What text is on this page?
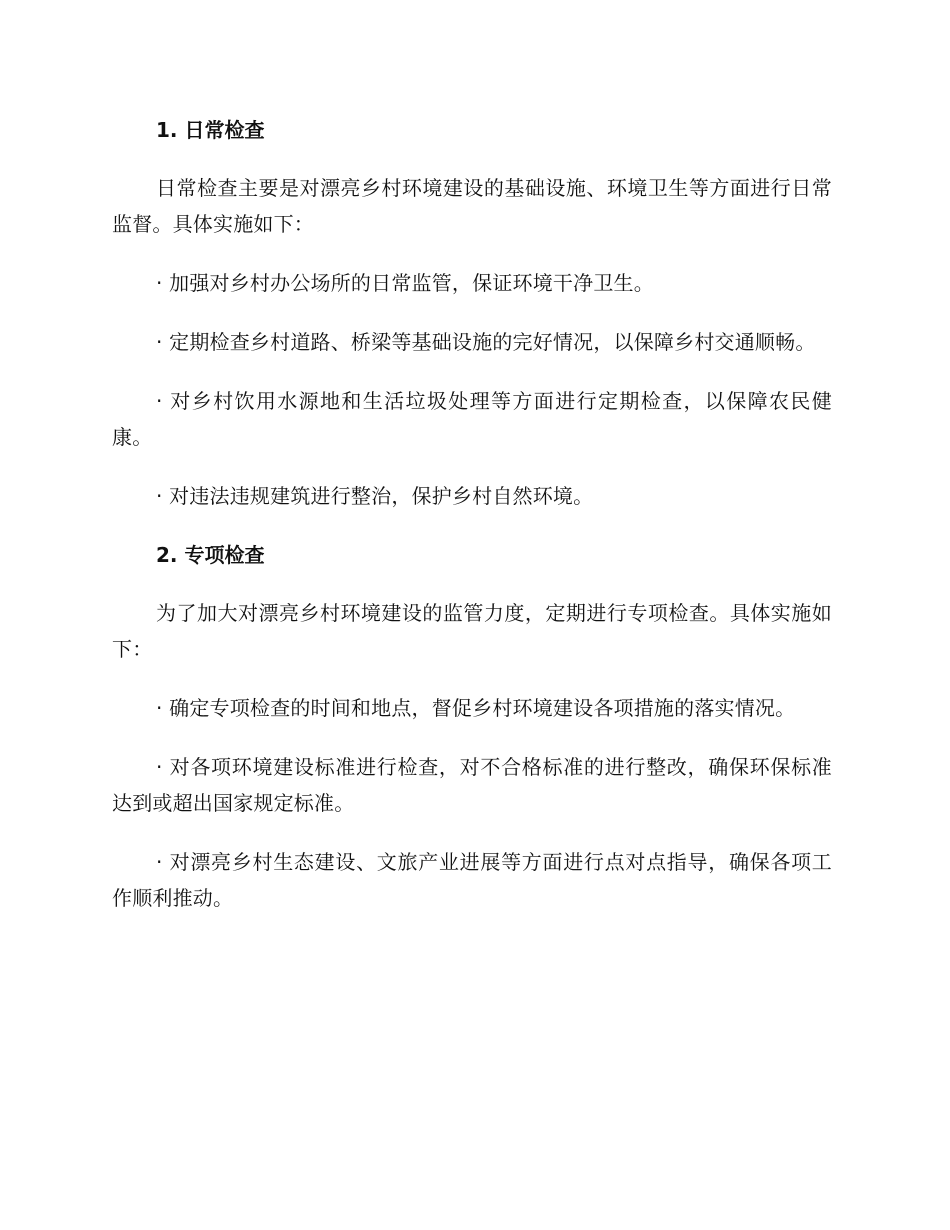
1. 日常检查

日常检查主要是对漂亮乡村环境建设的基础设施、环境卫生等方面进行日常监督。具体实施如下：

· 加强对乡村办公场所的日常监管，保证环境干净卫生。

· 定期检查乡村道路、桥梁等基础设施的完好情况，以保障乡村交通顺畅。

· 对乡村饮用水源地和生活垃圾处理等方面进行定期检查，以保障农民健康。

· 对违法违规建筑进行整治，保护乡村自然环境。

2. 专项检查

为了加大对漂亮乡村环境建设的监管力度，定期进行专项检查。具体实施如下：

· 确定专项检查的时间和地点，督促乡村环境建设各项措施的落实情况。

· 对各项环境建设标准进行检查，对不合格标准的进行整改，确保环保标准达到或超出国家规定标准。

· 对漂亮乡村生态建设、文旅产业进展等方面进行点对点指导，确保各项工作顺利推动。
